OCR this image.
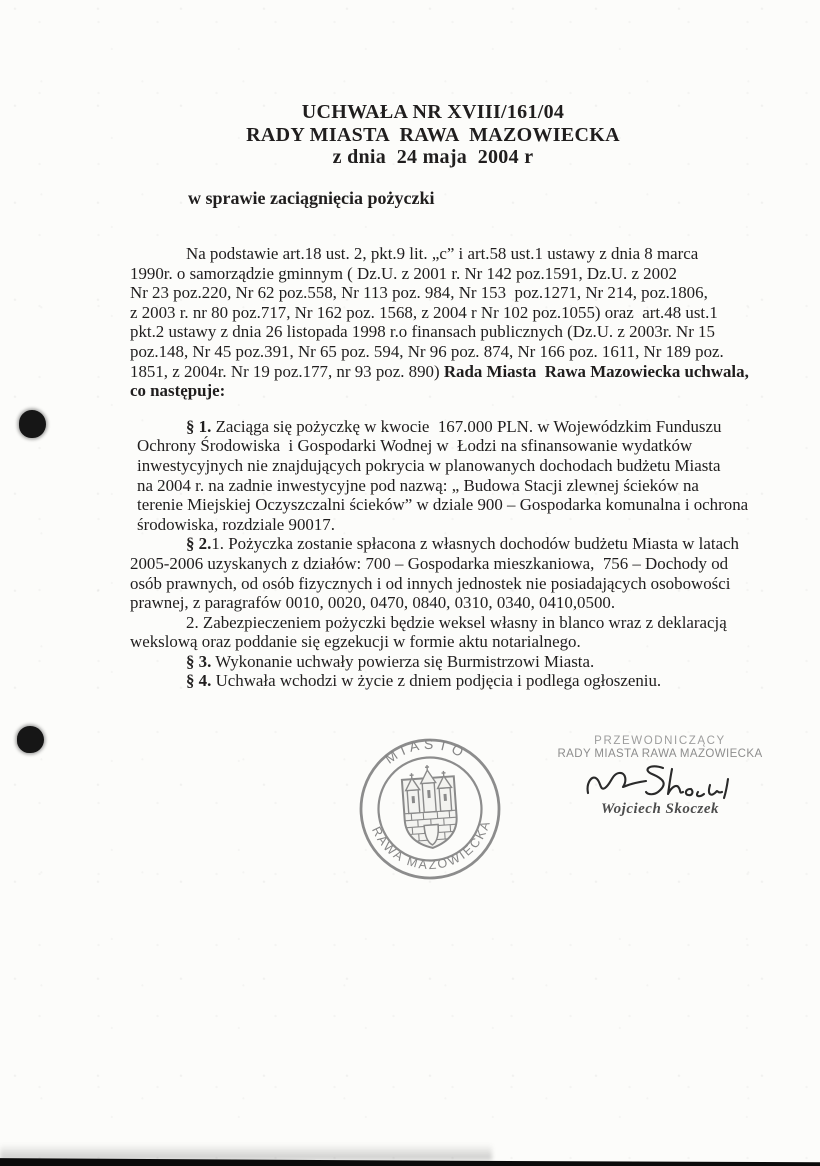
UCHWAŁA NR XVIII/161/04
RADY MIASTA  RAWA  MAZOWIECKA
z dnia  24 maja  2004 r
w sprawie zaciągnięcia pożyczki
Na podstawie art.18 ust. 2, pkt.9 lit. „c” i art.58 ust.1 ustawy z dnia 8 marca
1990r. o samorządzie gminnym ( Dz.U. z 2001 r. Nr 142 poz.1591, Dz.U. z 2002
Nr 23 poz.220, Nr 62 poz.558, Nr 113 poz. 984, Nr 153  poz.1271, Nr 214, poz.1806,
z 2003 r. nr 80 poz.717, Nr 162 poz. 1568, z 2004 r Nr 102 poz.1055) oraz  art.48 ust.1
pkt.2 ustawy z dnia 26 listopada 1998 r.o finansach publicznych (Dz.U. z 2003r. Nr 15
poz.148, Nr 45 poz.391, Nr 65 poz. 594, Nr 96 poz. 874, Nr 166 poz. 1611, Nr 189 poz.
1851, z 2004r. Nr 19 poz.177, nr 93 poz. 890) Rada Miasta  Rawa Mazowiecka uchwala,
co następuje:
§ 1. Zaciąga się pożyczkę w kwocie  167.000 PLN. w Wojewódzkim Funduszu
Ochrony Środowiska  i Gospodarki Wodnej w  Łodzi na sfinansowanie wydatków
inwestycyjnych nie znajdujących pokrycia w planowanych dochodach budżetu Miasta
na 2004 r. na zadnie inwestycyjne pod nazwą: „ Budowa Stacji zlewnej ścieków na
terenie Miejskiej Oczyszczalni ścieków” w dziale 900 – Gospodarka komunalna i ochrona
środowiska, rozdziale 90017.
§ 2.1. Pożyczka zostanie spłacona z własnych dochodów budżetu Miasta w latach
2005-2006 uzyskanych z działów: 700 – Gospodarka mieszkaniowa,  756 – Dochody od
osób prawnych, od osób fizycznych i od innych jednostek nie posiadających osobowości
prawnej, z paragrafów 0010, 0020, 0470, 0840, 0310, 0340, 0410,0500.
2. Zabezpieczeniem pożyczki będzie weksel własny in blanco wraz z deklaracją
wekslową oraz poddanie się egzekucji w formie aktu notarialnego.
§ 3. Wykonanie uchwały powierza się Burmistrzowi Miasta.
§ 4. Uchwała wchodzi w życie z dniem podjęcia i podlega ogłoszeniu.
MIASTO
RAWA MAZOWIECKA
PRZEWODNICZĄCY
RADY MIASTA RAWA MAZOWIECKA
Wojciech Skoczek
